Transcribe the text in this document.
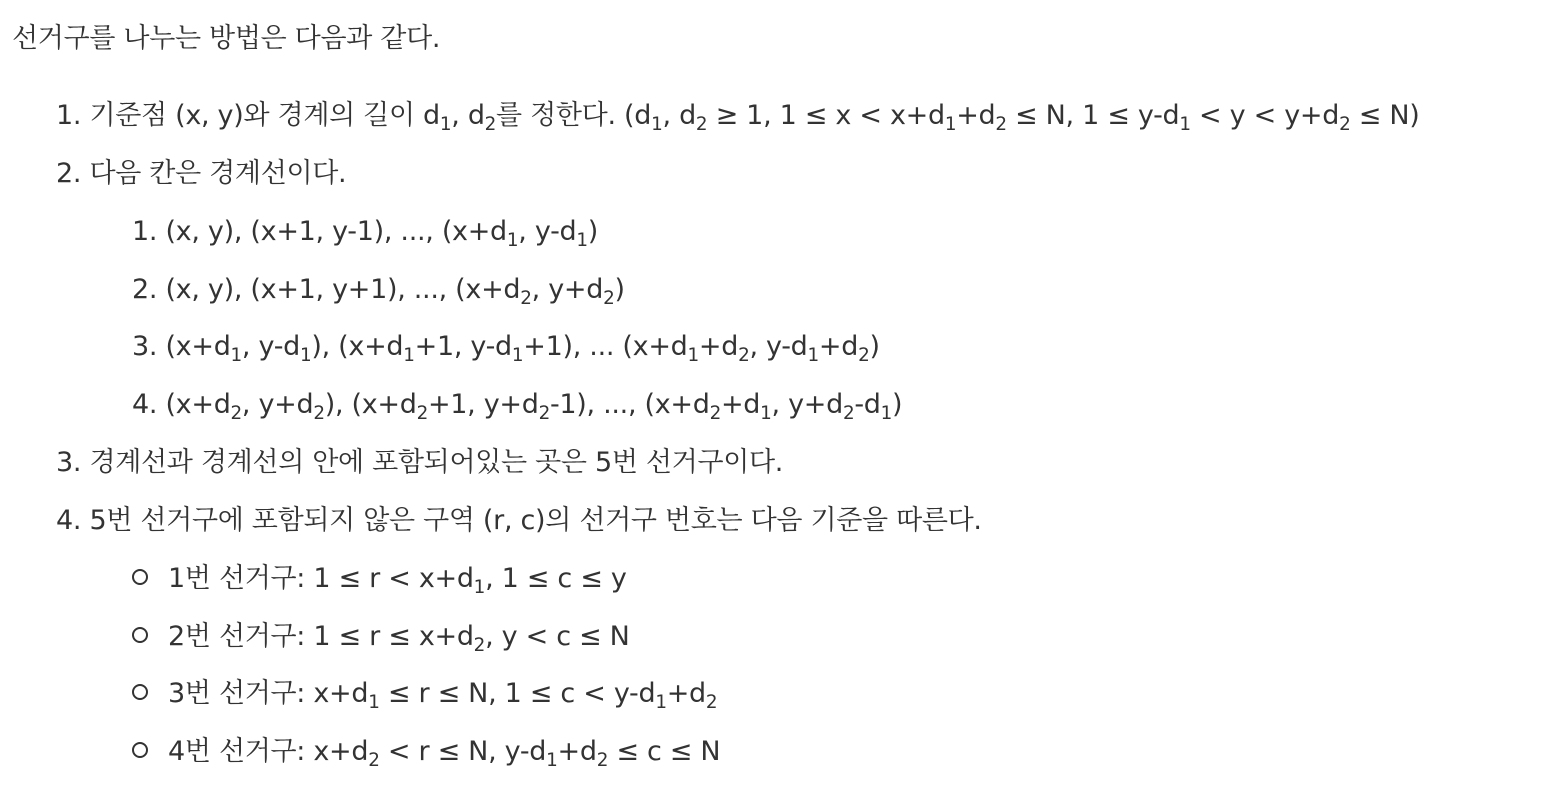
선거구를 나누는 방법은 다음과 같다.
1. 기준점 (x, y)와 경계의 길이 $d_1$, $d_2$를 정한다. ($d_1$, $d_2 \ge 1$, $1 \le x < x+d_1+d_2 \le N$, $1 \le y-d_1 < y < y+d_2 \le N$)
2. 다음 칸은 경계선이다.
1. (x, y), (x+1, y-1), ..., ($x+d_1$, $y-d_1$)
2. (x, y), (x+1, y+1), ..., ($x+d_2$, $y+d_2$)
3. ($x+d_1$, $y-d_1$), ($x+d_1+1$, $y-d_1+1$), ... ($x+d_1+d_2$, $y-d_1+d_2$)
4. ($x+d_2$, $y+d_2$), ($x+d_2+1$, $y+d_2-1$), ..., ($x+d_2+d_1$, $y+d_2-d_1$)
3. 경계선과 경계선의 안에 포함되어있는 곳은 5번 선거구이다.
4. 5번 선거구에 포함되지 않은 구역 (r, c)의 선거구 번호는 다음 기준을 따른다.
1번 선거구: $1 \le r < x+d_1$, 1 ≤ c ≤ y
2번 선거구: $1 \le r \le x+d_2$, y < c ≤ N
3번 선거구: $x+d_1 \le r \le N$, $1 \le c < y-d_1+d_2$
4번 선거구: $x+d_2 < r \le N$, $y-d_1+d_2 \le c \le N$
